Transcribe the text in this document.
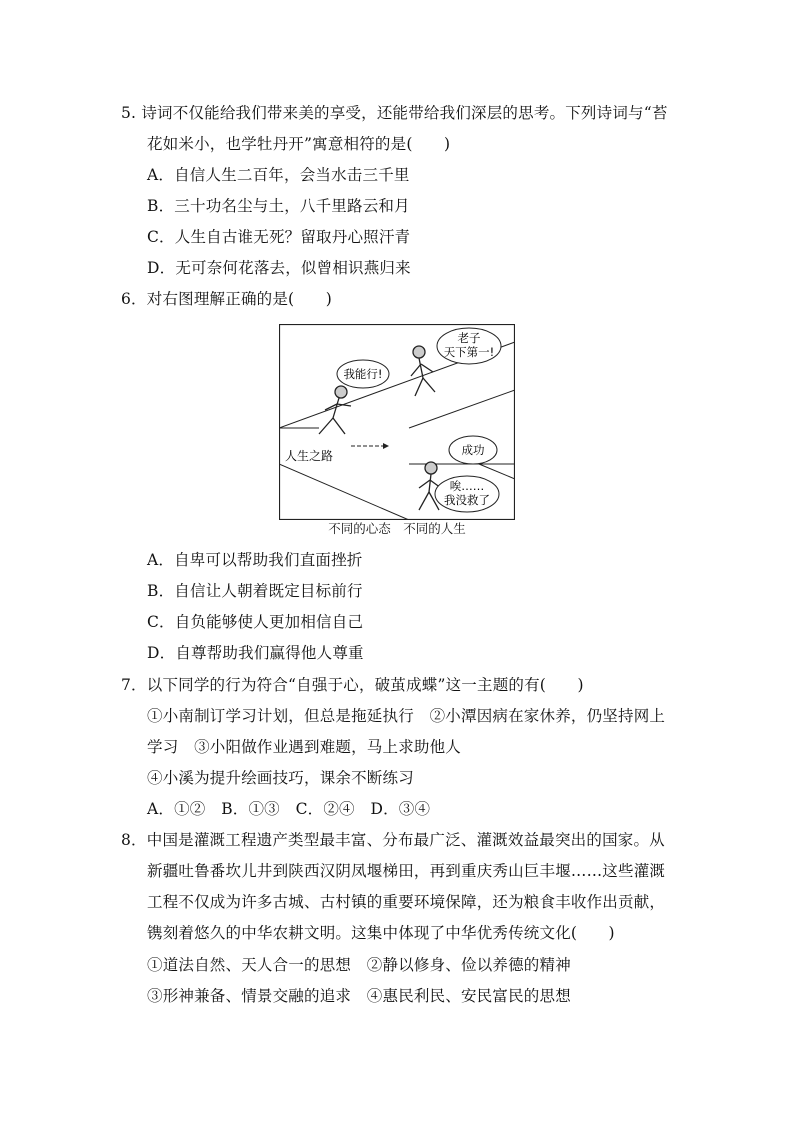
5. 诗词不仅能给我们带来美的享受，还能带给我们深层的思考。下列诗词与“苔
花如米小，也学牡丹开”寓意相符的是(　　)
A．自信人生二百年，会当水击三千里
B．三十功名尘与土，八千里路云和月
C．人生自古谁无死？留取丹心照汗青
D．无可奈何花落去，似曾相识燕归来
6．对右图理解正确的是(　　)
老子
天下第一!
我能行!
成功
唉……
我没救了
人生之路
不同的心态　不同的人生
A．自卑可以帮助我们直面挫折
B．自信让人朝着既定目标前行
C．自负能够使人更加相信自己
D．自尊帮助我们赢得他人尊重
7．以下同学的行为符合“自强于心，破茧成蝶”这一主题的有(　　)
①小南制订学习计划，但总是拖延执行　②小潭因病在家休养，仍坚持网上
学习　③小阳做作业遇到难题，马上求助他人
④小溪为提升绘画技巧，课余不断练习
A．①②　B．①③　C．②④　D．③④
8．中国是灌溉工程遗产类型最丰富、分布最广泛、灌溉效益最突出的国家。从
新疆吐鲁番坎儿井到陕西汉阴凤堰梯田，再到重庆秀山巨丰堰……这些灌溉
工程不仅成为许多古城、古村镇的重要环境保障，还为粮食丰收作出贡献，
镌刻着悠久的中华农耕文明。这集中体现了中华优秀传统文化(　　)
①道法自然、天人合一的思想　②静以修身、俭以养德的精神
③形神兼备、情景交融的追求　④惠民利民、安民富民的思想
